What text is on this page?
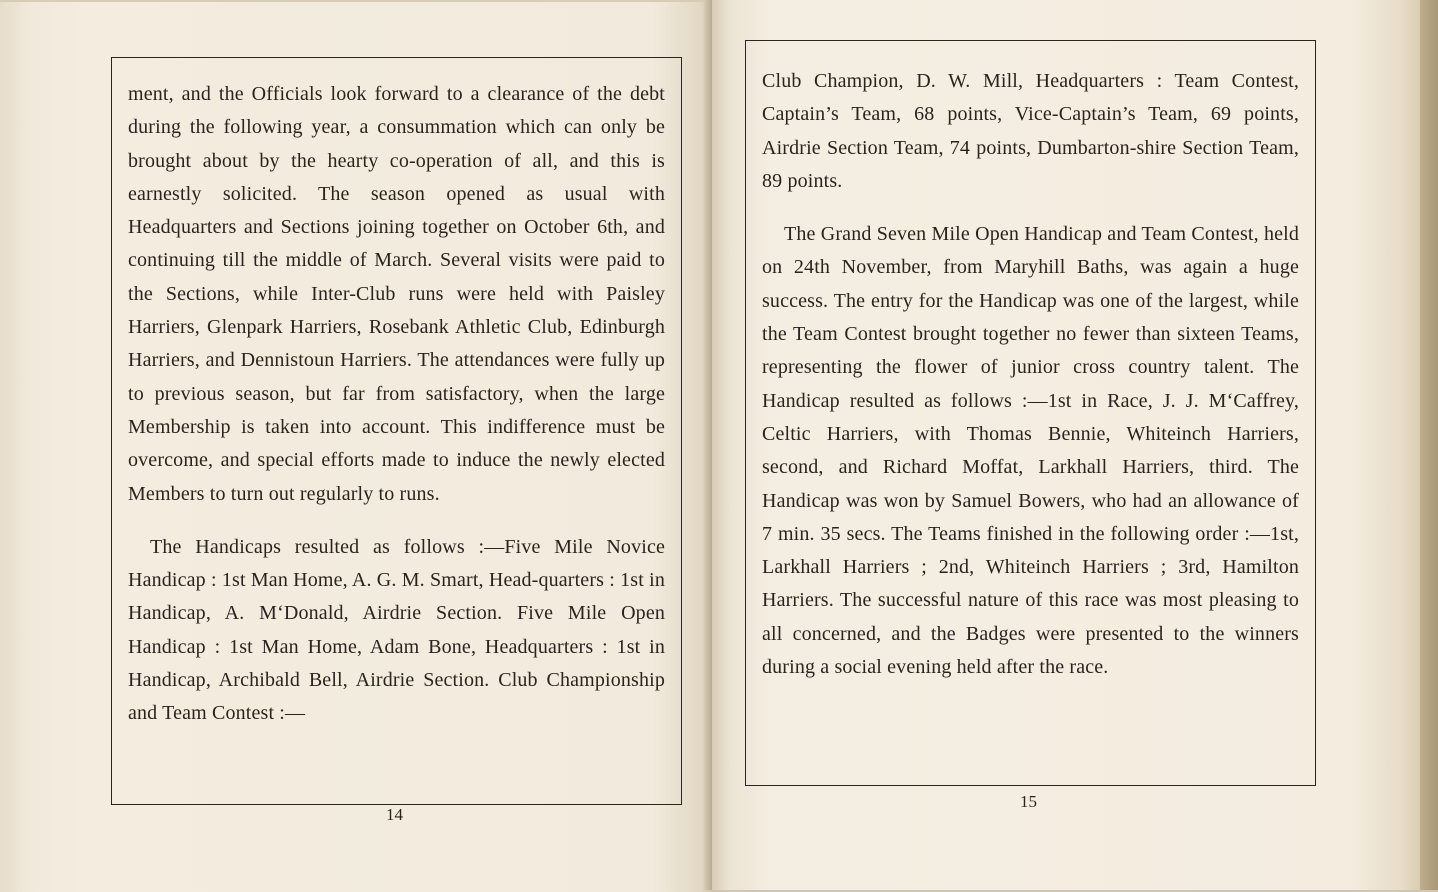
ment, and the Officials look forward to a clearance of the debt during the following year, a consummation which can only be brought about by the hearty co-operation of all, and this is earnestly solicited. The season opened as usual with Headquarters and Sections joining together on October 6th, and continuing till the middle of March. Several visits were paid to the Sections, while Inter-Club runs were held with Paisley Harriers, Glenpark Harriers, Rosebank Athletic Club, Edinburgh Harriers, and Dennistoun Harriers. The attendances were fully up to previous season, but far from satisfactory, when the large Membership is taken into account. This indifference must be overcome, and special efforts made to induce the newly elected Members to turn out regularly to runs.

The Handicaps resulted as follows :—Five Mile Novice Handicap : 1st Man Home, A. G. M. Smart, Head-quarters : 1st in Handicap, A. M‘Donald, Airdrie Section. Five Mile Open Handicap : 1st Man Home, Adam Bone, Headquarters : 1st in Handicap, Archibald Bell, Airdrie Section. Club Championship and Team Contest :—

14

Club Champion, D. W. Mill, Headquarters : Team Contest, Captain’s Team, 68 points, Vice-Captain’s Team, 69 points, Airdrie Section Team, 74 points, Dumbarton-shire Section Team, 89 points.

The Grand Seven Mile Open Handicap and Team Contest, held on 24th November, from Maryhill Baths, was again a huge success. The entry for the Handicap was one of the largest, while the Team Contest brought together no fewer than sixteen Teams, representing the flower of junior cross country talent. The Handicap resulted as follows :—1st in Race, J. J. M‘Caffrey, Celtic Harriers, with Thomas Bennie, Whiteinch Harriers, second, and Richard Moffat, Larkhall Harriers, third. The Handicap was won by Samuel Bowers, who had an allowance of 7 min. 35 secs. The Teams finished in the following order :—1st, Larkhall Harriers ; 2nd, Whiteinch Harriers ; 3rd, Hamilton Harriers. The successful nature of this race was most pleasing to all concerned, and the Badges were presented to the winners during a social evening held after the race.

15
